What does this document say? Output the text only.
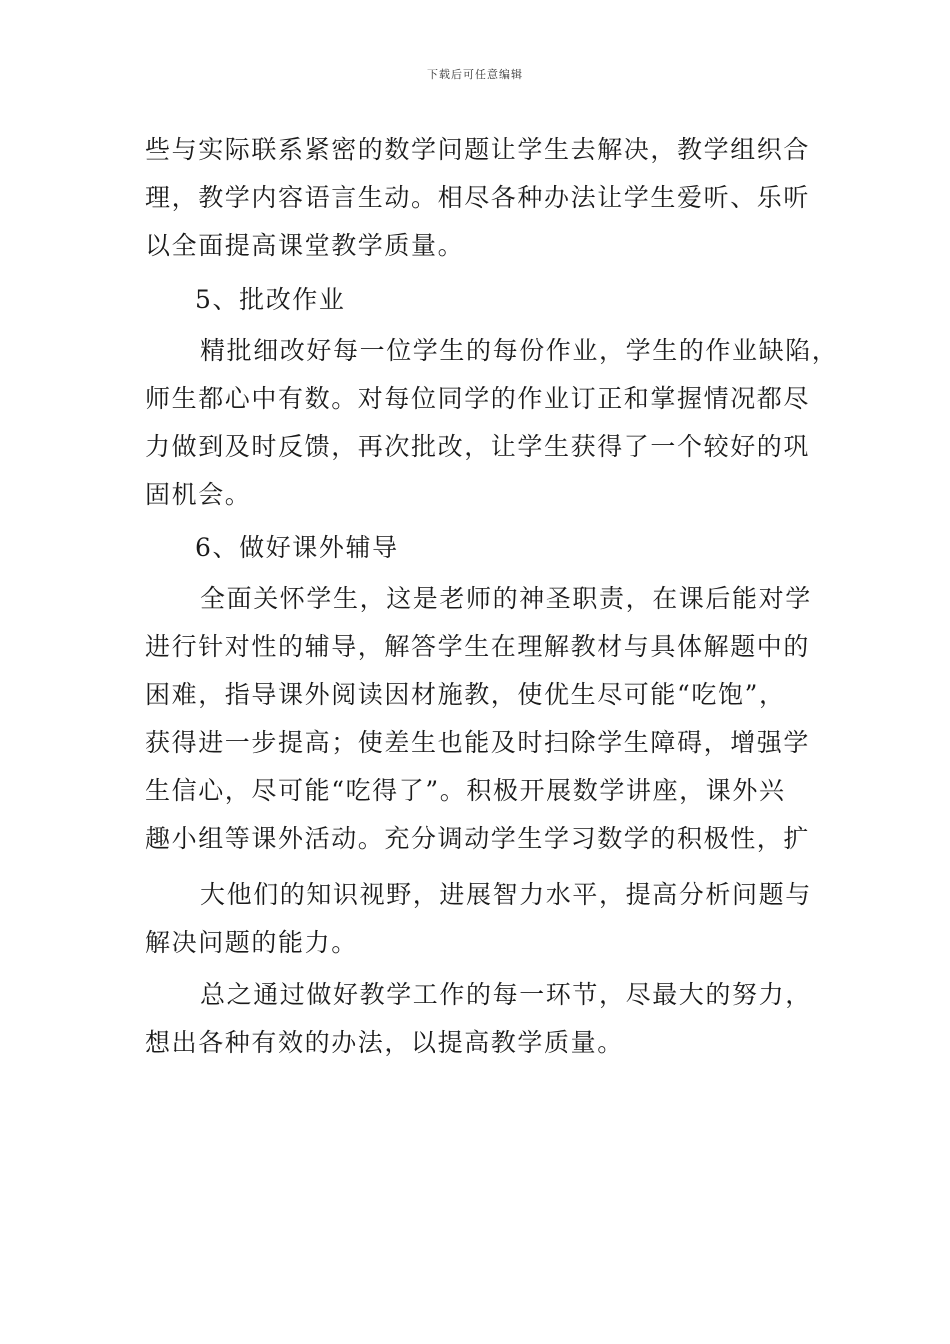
下载后可任意编辑
些与实际联系紧密的数学问题让学生去解决，教学组织合
理，教学内容语言生动。相尽各种办法让学生爱听、乐听
以全面提高课堂教学质量。
5、批改作业
精批细改好每一位学生的每份作业，学生的作业缺陷，
师生都心中有数。对每位同学的作业订正和掌握情况都尽
力做到及时反馈，再次批改，让学生获得了一个较好的巩
固机会。
6、做好课外辅导
全面关怀学生，这是老师的神圣职责，在课后能对学
进行针对性的辅导，解答学生在理解教材与具体解题中的
困难，指导课外阅读因材施教，使优生尽可能“吃饱”，
获得进一步提高；使差生也能及时扫除学生障碍，增强学
生信心，尽可能“吃得了”。积极开展数学讲座，课外兴
趣小组等课外活动。充分调动学生学习数学的积极性，扩
大他们的知识视野，进展智力水平，提高分析问题与
解决问题的能力。
总之通过做好教学工作的每一环节，尽最大的努力，
想出各种有效的办法，以提高教学质量。
